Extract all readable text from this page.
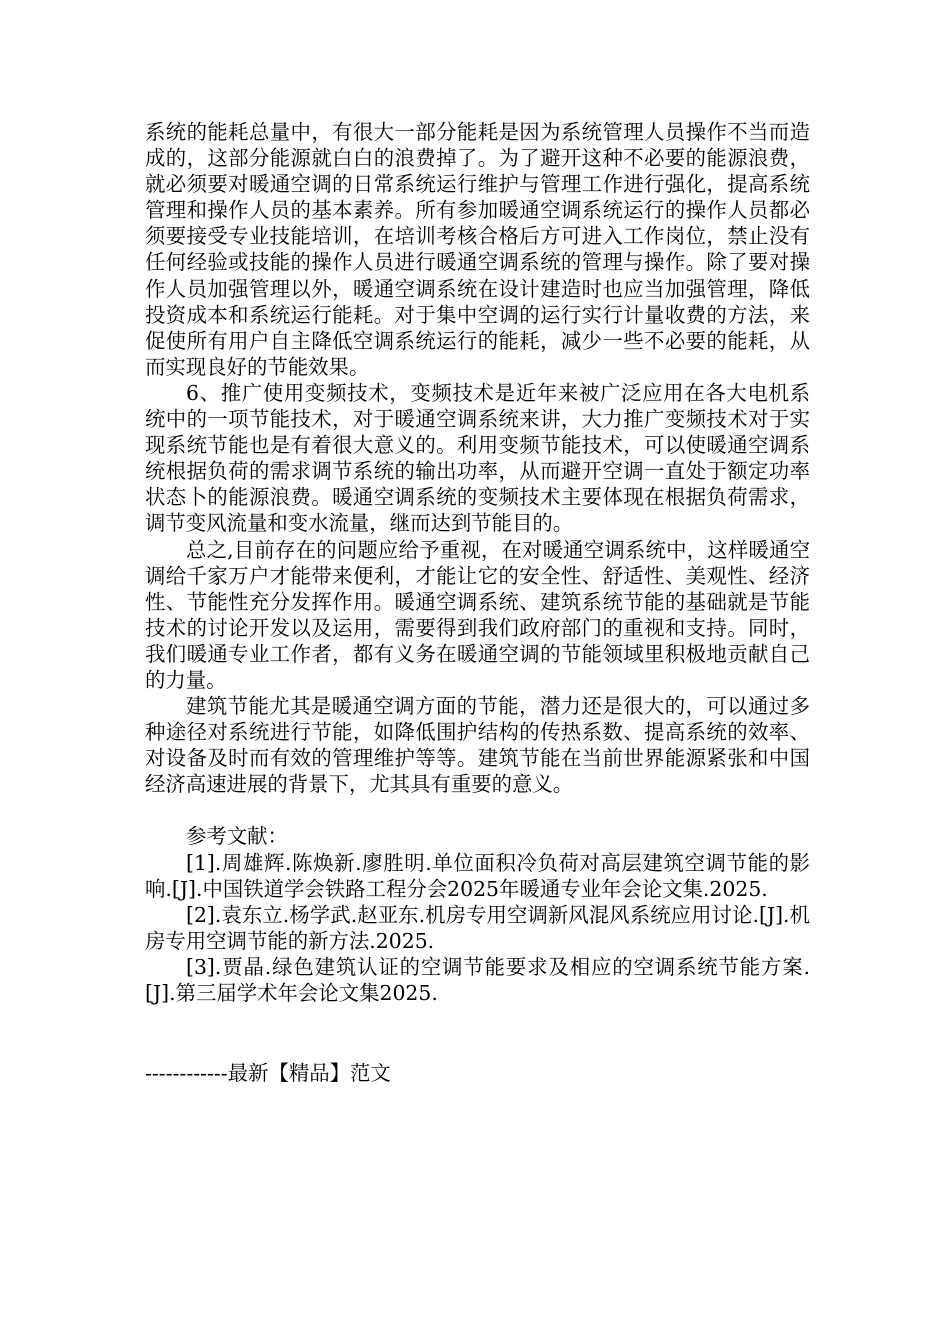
系统的能耗总量中，有很大一部分能耗是因为系统管理人员操作不当而造成的，这部分能源就白白的浪费掉了。为了避开这种不必要的能源浪费，就必须要对暖通空调的日常系统运行维护与管理工作进行强化，提高系统管理和操作人员的基本素养。所有参加暖通空调系统运行的操作人员都必须要接受专业技能培训，在培训考核合格后方可进入工作岗位，禁止没有任何经验或技能的操作人员进行暖通空调系统的管理与操作。除了要对操作人员加强管理以外，暖通空调系统在设计建造时也应当加强管理，降低投资成本和系统运行能耗。对于集中空调的运行实行计量收费的方法，来促使所有用户自主降低空调系统运行的能耗，减少一些不必要的能耗，从而实现良好的节能效果。

6、推广使用变频技术，变频技术是近年来被广泛应用在各大电机系统中的一项节能技术，对于暖通空调系统来讲，大力推广变频技术对于实现系统节能也是有着很大意义的。利用变频节能技术，可以使暖通空调系统根据负荷的需求调节系统的输出功率，从而避开空调一直处于额定功率状态卜的能源浪费。暖通空调系统的变频技术主要体现在根据负荷需求，调节变风流量和变水流量，继而达到节能目的。

总之,目前存在的问题应给予重视，在对暖通空调系统中，这样暖通空调给千家万户才能带来便利，才能让它的安全性、舒适性、美观性、经济性、节能性充分发挥作用。暖通空调系统、建筑系统节能的基础就是节能技术的讨论开发以及运用，需要得到我们政府部门的重视和支持。同时，我们暖通专业工作者，都有义务在暖通空调的节能领域里积极地贡献自己的力量。

建筑节能尤其是暖通空调方面的节能，潜力还是很大的，可以通过多种途径对系统进行节能，如降低围护结构的传热系数、提高系统的效率、对设备及时而有效的管理维护等等。建筑节能在当前世界能源紧张和中国经济高速进展的背景下，尤其具有重要的意义。

参考文献：

[1].周雄辉.陈焕新.廖胜明.单位面积冷负荷对高层建筑空调节能的影响.[J].中国铁道学会铁路工程分会2025年暖通专业年会论文集.2025.

[2].袁东立.杨学武.赵亚东.机房专用空调新风混风系统应用讨论.[J].机房专用空调节能的新方法.2025.

[3].贾晶.绿色建筑认证的空调节能要求及相应的空调系统节能方案.[J].第三届学术年会论文集2025.

------------最新【精品】范文
